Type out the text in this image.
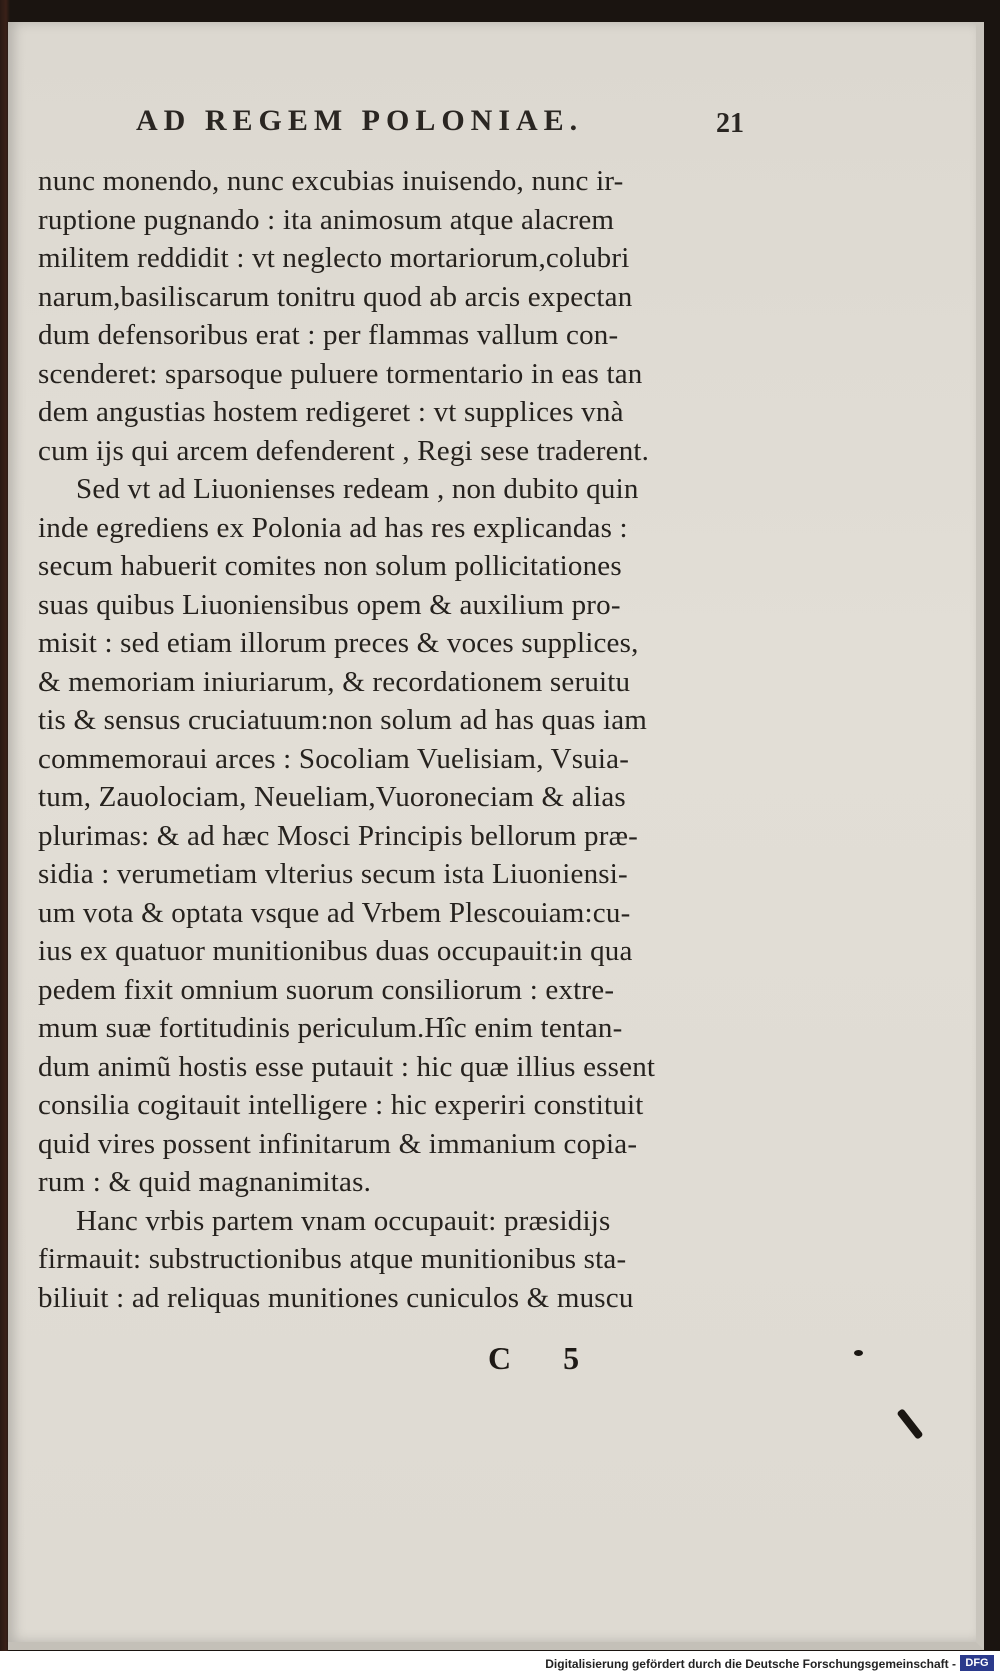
AD REGEM POLONIAE.	21
nunc monendo, nunc excubias inuisendo, nunc ir-
ruptione pugnando : ita animosum atque alacrem
militem reddidit : vt neglecto mortariorum,colubri
narum,basiliscarum tonitru quod ab arcis expectan
dum defensoribus erat : per flammas vallum con-
scenderet: sparsoque puluere tormentario in eas tan
dem angustias hostem redigeret : vt supplices vnà
cum ijs qui arcem defenderent , Regi sese traderent.
Sed vt ad Liuonienses redeam , non dubito quin
inde egrediens ex Polonia ad has res explicandas :
secum habuerit comites non solum pollicitationes
suas quibus Liuoniensibus opem & auxilium pro-
misit : sed etiam illorum preces & voces supplices,
& memoriam iniuriarum, & recordationem seruitu
tis & sensus cruciatuum:non solum ad has quas iam
commemoraui arces : Socoliam Vuelisiam, Vsuia-
tum, Zauolociam, Neueliam,Vuoroneciam & alias
plurimas: & ad hæc Mosci Principis bellorum præ-
sidia : verumetiam vlterius secum ista Liuoniensi-
um vota & optata vsque ad Vrbem Plescouiam:cu-
ius ex quatuor munitionibus duas occupauit:in qua
pedem fixit omnium suorum consiliorum : extre-
mum suæ fortitudinis periculum.Hîc enim tentan-
dum animũ hostis esse putauit : hic quæ illius essent
consilia cogitauit intelligere : hic experiri constituit
quid vires possent infinitarum & immanium copia-
rum : & quid magnanimitas.
Hanc vrbis partem vnam occupauit: præsidijs
firmauit: substructionibus atque munitionibus sta-
biliuit : ad reliquas munitiones cuniculos & muscu
C 5
Digitalisierung gefördert durch die Deutsche Forschungsgemeinschaft - DFG
